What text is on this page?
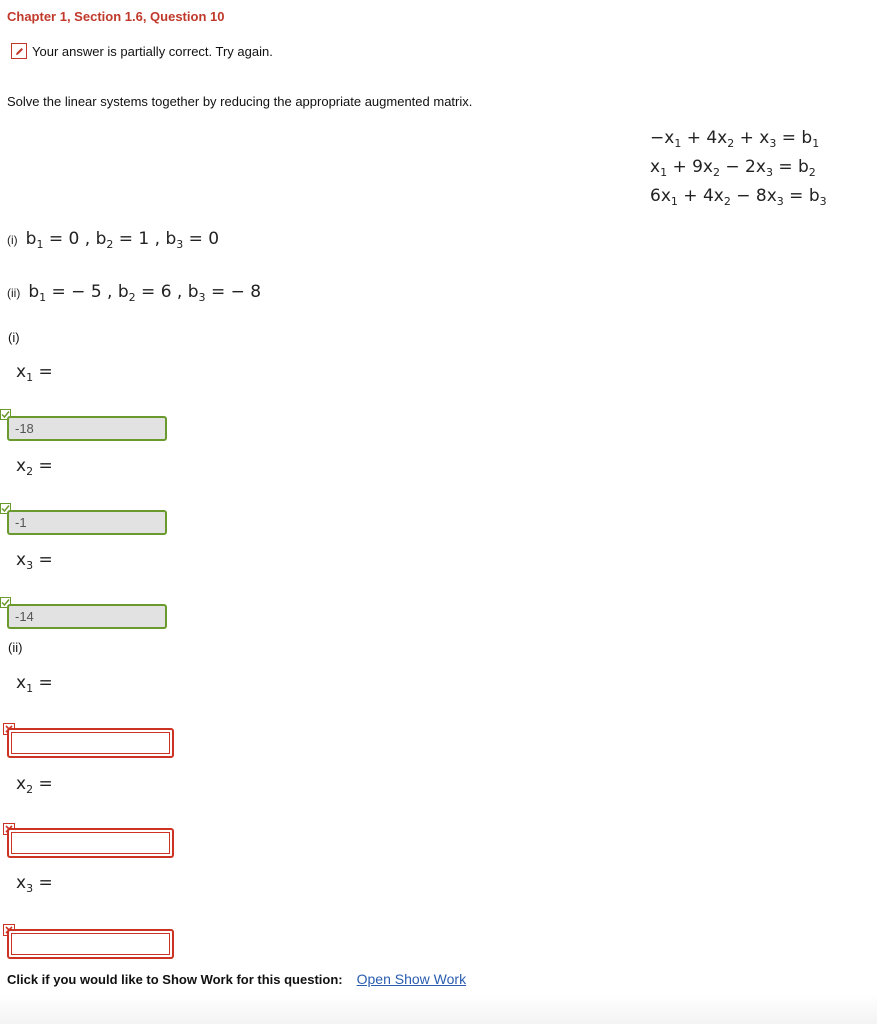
Chapter 1, Section 1.6, Question 10
Your answer is partially correct. Try again.
Solve the linear systems together by reducing the appropriate augmented matrix.
$-x_1 + 4x_2 + x_3 = b_1$
$x_1 + 9x_2 - 2x_3 = b_2$
$6x_1 + 4x_2 - 8x_3 = b_3$
(i) $b_1 = 0$ , $b_2 = 1$ , $b_3 = 0$
(ii) $b_1$ = − 5 , $b_2 = 6$ , $b_3$ = − 8
(i)
$x_1$ =
-18
$x_2$ =
-1
$x_3$ =
-14
(ii)
$x_1$ =
$x_2$ =
$x_3$ =
Click if you would like to Show Work for this question: Open Show Work
